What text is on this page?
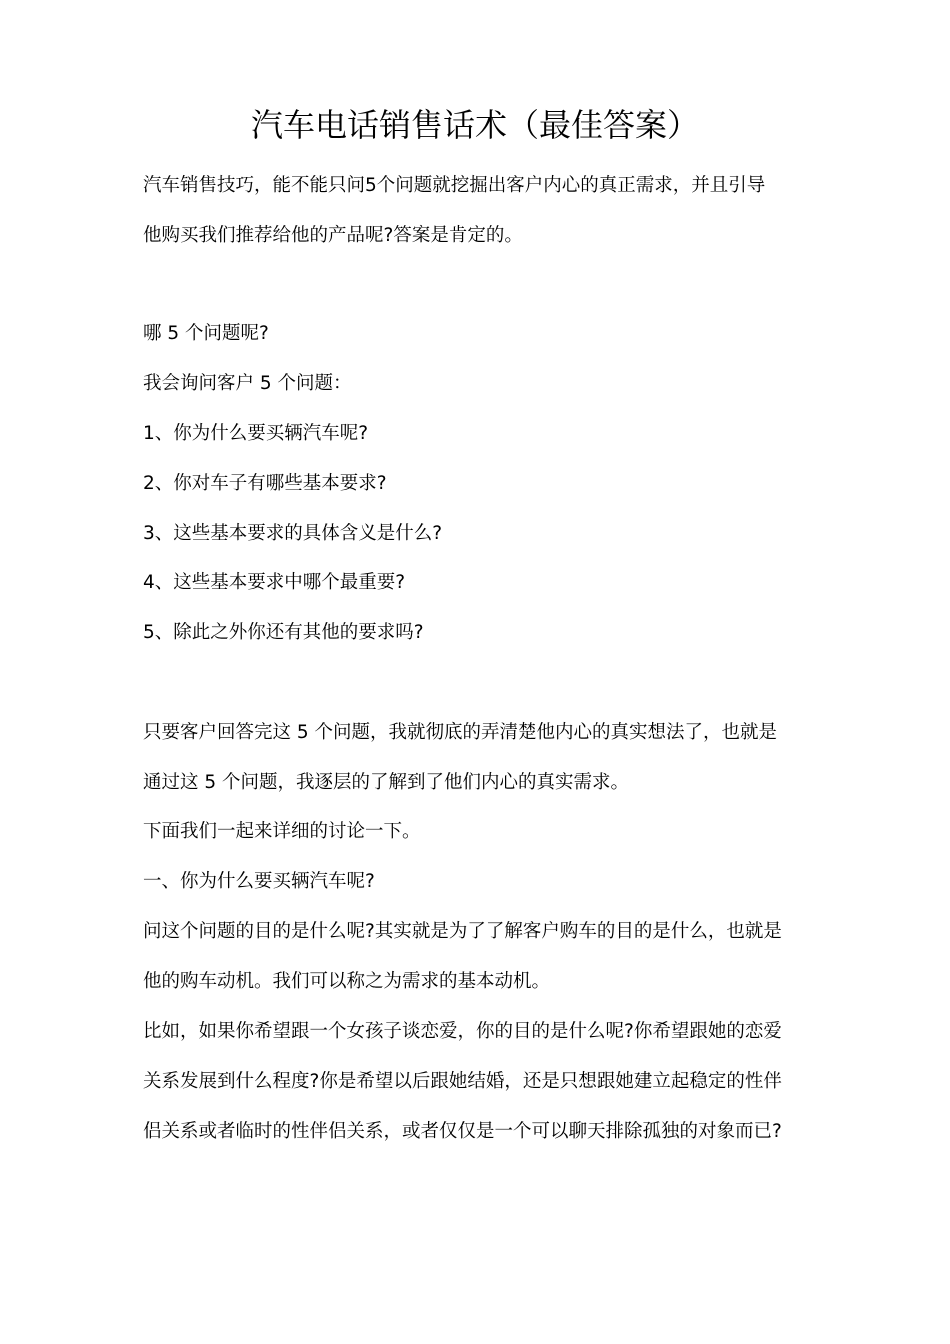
汽车电话销售话术（最佳答案）
汽车销售技巧，能不能只问5个问题就挖掘出客户内心的真正需求，并且引导
他购买我们推荐给他的产品呢?答案是肯定的。
哪 5 个问题呢?
我会询问客户 5 个问题：
1、你为什么要买辆汽车呢?
2、你对车子有哪些基本要求?
3、这些基本要求的具体含义是什么?
4、这些基本要求中哪个最重要?
5、除此之外你还有其他的要求吗?
只要客户回答完这 5 个问题，我就彻底的弄清楚他内心的真实想法了，也就是
通过这 5 个问题，我逐层的了解到了他们内心的真实需求。
下面我们一起来详细的讨论一下。
一、你为什么要买辆汽车呢?
问这个问题的目的是什么呢?其实就是为了了解客户购车的目的是什么，也就是
他的购车动机。我们可以称之为需求的基本动机。
比如，如果你希望跟一个女孩子谈恋爱，你的目的是什么呢?你希望跟她的恋爱
关系发展到什么程度?你是希望以后跟她结婚，还是只想跟她建立起稳定的性伴
侣关系或者临时的性伴侣关系，或者仅仅是一个可以聊天排除孤独的对象而已?
